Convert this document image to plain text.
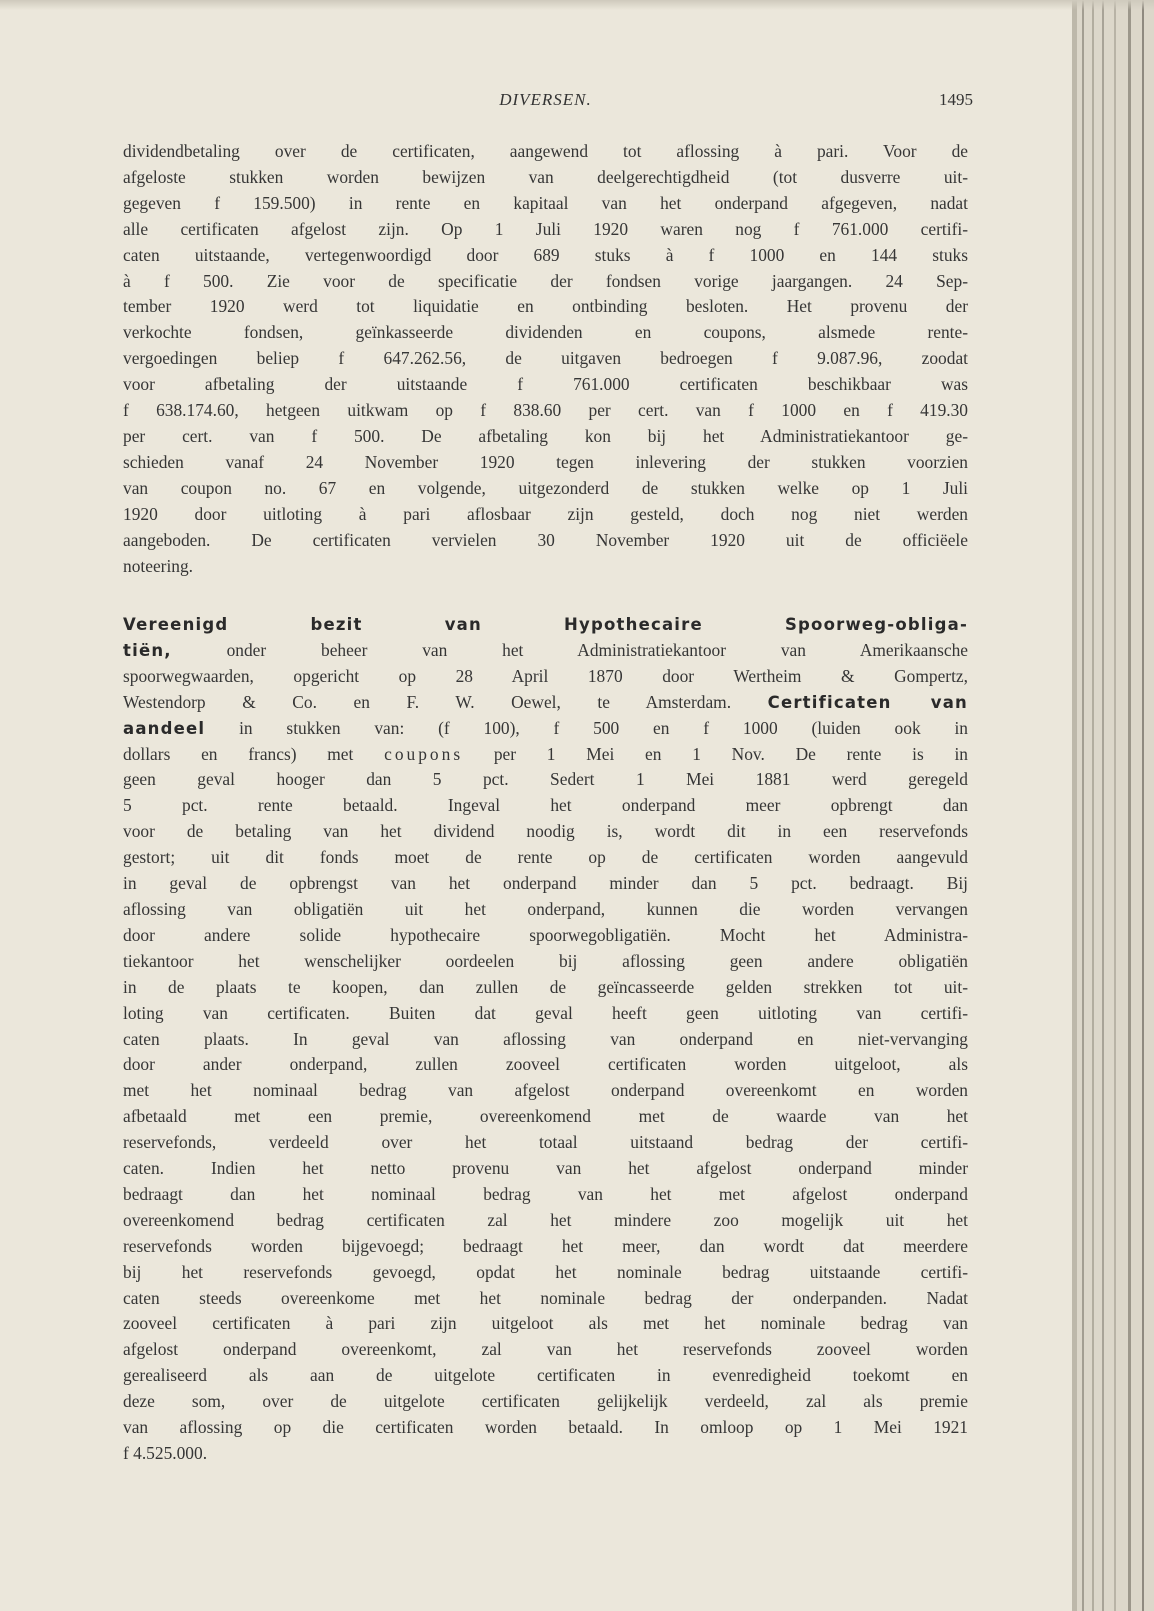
DIVERSEN.	1495
dividendbetaling over de certificaten, aangewend tot aflossing à pari. Voor de
afgeloste stukken worden bewijzen van deelgerechtigdheid (tot dusverre uit-
gegeven f 159.500) in rente en kapitaal van het onderpand afgegeven, nadat
alle certificaten afgelost zijn. Op 1 Juli 1920 waren nog f 761.000 certifi-
caten uitstaande, vertegenwoordigd door 689 stuks à f 1000 en 144 stuks
à f 500. Zie voor de specificatie der fondsen vorige jaargangen. 24 Sep-
tember 1920 werd tot liquidatie en ontbinding besloten. Het provenu der
verkochte fondsen, geïnkasseerde dividenden en coupons, alsmede rente-
vergoedingen beliep f 647.262.56, de uitgaven bedroegen f 9.087.96, zoodat
voor afbetaling der uitstaande f 761.000 certificaten beschikbaar was
f 638.174.60, hetgeen uitkwam op f 838.60 per cert. van f 1000 en f 419.30
per cert. van f 500. De afbetaling kon bij het Administratiekantoor ge-
schieden vanaf 24 November 1920 tegen inlevering der stukken voorzien
van coupon no. 67 en volgende, uitgezonderd de stukken welke op 1 Juli
1920 door uitloting à pari aflosbaar zijn gesteld, doch nog niet werden
aangeboden. De certificaten vervielen 30 November 1920 uit de officiëele
noteering.
Vereenigd bezit van Hypothecaire Spoorweg-obliga-
tiën, onder beheer van het Administratiekantoor van Amerikaansche
spoorwegwaarden, opgericht op 28 April 1870 door Wertheim & Gompertz,
Westendorp & Co. en F. W. Oewel, te Amsterdam. Certificaten van
aandeel in stukken van: (f 100), f 500 en f 1000 (luiden ook in
dollars en francs) met coupons per 1 Mei en 1 Nov. De rente is in
geen geval hooger dan 5 pct. Sedert 1 Mei 1881 werd geregeld
5 pct. rente betaald. Ingeval het onderpand meer opbrengt dan
voor de betaling van het dividend noodig is, wordt dit in een reservefonds
gestort; uit dit fonds moet de rente op de certificaten worden aangevuld
in geval de opbrengst van het onderpand minder dan 5 pct. bedraagt. Bij
aflossing van obligatiën uit het onderpand, kunnen die worden vervangen
door andere solide hypothecaire spoorwegobligatiën. Mocht het Administra-
tiekantoor het wenschelijker oordeelen bij aflossing geen andere obligatiën
in de plaats te koopen, dan zullen de geïncasseerde gelden strekken tot uit-
loting van certificaten. Buiten dat geval heeft geen uitloting van certifi-
caten plaats. In geval van aflossing van onderpand en niet-vervanging
door ander onderpand, zullen zooveel certificaten worden uitgeloot, als
met het nominaal bedrag van afgelost onderpand overeenkomt en worden
afbetaald met een premie, overeenkomend met de waarde van het
reservefonds, verdeeld over het totaal uitstaand bedrag der certifi-
caten. Indien het netto provenu van het afgelost onderpand minder
bedraagt dan het nominaal bedrag van het met afgelost onderpand
overeenkomend bedrag certificaten zal het mindere zoo mogelijk uit het
reservefonds worden bijgevoegd; bedraagt het meer, dan wordt dat meerdere
bij het reservefonds gevoegd, opdat het nominale bedrag uitstaande certifi-
caten steeds overeenkome met het nominale bedrag der onderpanden. Nadat
zooveel certificaten à pari zijn uitgeloot als met het nominale bedrag van
afgelost onderpand overeenkomt, zal van het reservefonds zooveel worden
gerealiseerd als aan de uitgelote certificaten in evenredigheid toekomt en
deze som, over de uitgelote certificaten gelijkelijk verdeeld, zal als premie
van aflossing op die certificaten worden betaald. In omloop op 1 Mei 1921
f 4.525.000.
